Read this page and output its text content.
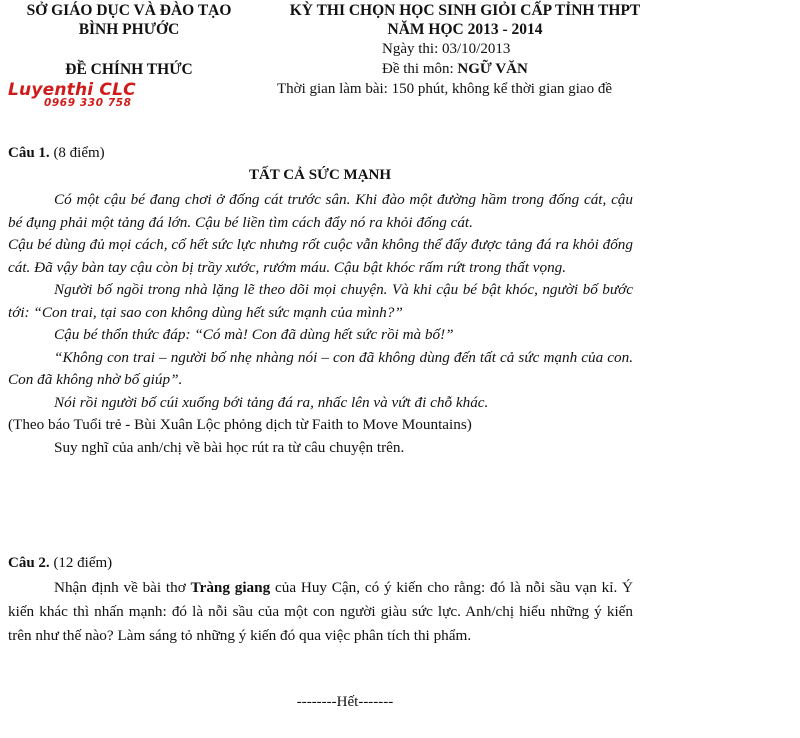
SỞ GIÁO DỤC VÀ ĐÀO TẠO
BÌNH PHƯỚC
ĐỀ CHÍNH THỨC
Luyenthi CLC
0969 330 758
KỲ THI CHỌN HỌC SINH GIỎI CẤP TỈNH THPT
NĂM HỌC 2013 - 2014
Ngày thi: 03/10/2013
Đề thi môn: NGỮ VĂN
Thời gian làm bài: 150 phút, không kể thời gian giao đề
Câu 1. (8 điểm)
TẤT CẢ SỨC MẠNH

Có một cậu bé đang chơi ở đống cát trước sân. Khi đào một đường hầm trong đống cát, cậu bé đụng phải một tảng đá lớn. Cậu bé liền tìm cách đẩy nó ra khỏi đống cát.

Cậu bé dùng đủ mọi cách, cố hết sức lực nhưng rốt cuộc vẫn không thể đẩy được tảng đá ra khỏi đống cát. Đã vậy bàn tay cậu còn bị trầy xước, rướm máu. Cậu bật khóc rấm rứt trong thất vọng.

Người bố ngồi trong nhà lặng lẽ theo dõi mọi chuyện. Và khi cậu bé bật khóc, người bố bước tới: “Con trai, tại sao con không dùng hết sức mạnh của mình?”

Cậu bé thổn thức đáp: “Có mà! Con đã dùng hết sức rồi mà bố!”

“Không con trai – người bố nhẹ nhàng nói – con đã không dùng đến tất cả sức mạnh của con. Con đã không nhờ bố giúp”.

Nói rồi người bố cúi xuống bới tảng đá ra, nhấc lên và vứt đi chỗ khác.

(Theo báo Tuổi trẻ - Bùi Xuân Lộc phỏng dịch từ Faith to Move Mountains)

Suy nghĩ của anh/chị về bài học rút ra từ câu chuyện trên.

Câu 2. (12 điểm)
Nhận định về bài thơ Tràng giang của Huy Cận, có ý kiến cho rằng: đó là nỗi sầu vạn kỉ. Ý kiến khác thì nhấn mạnh: đó là nỗi sầu của một con người giàu sức lực. Anh/chị hiểu những ý kiến trên như thế nào? Làm sáng tỏ những ý kiến đó qua việc phân tích thi phẩm.
--------Hết-------
